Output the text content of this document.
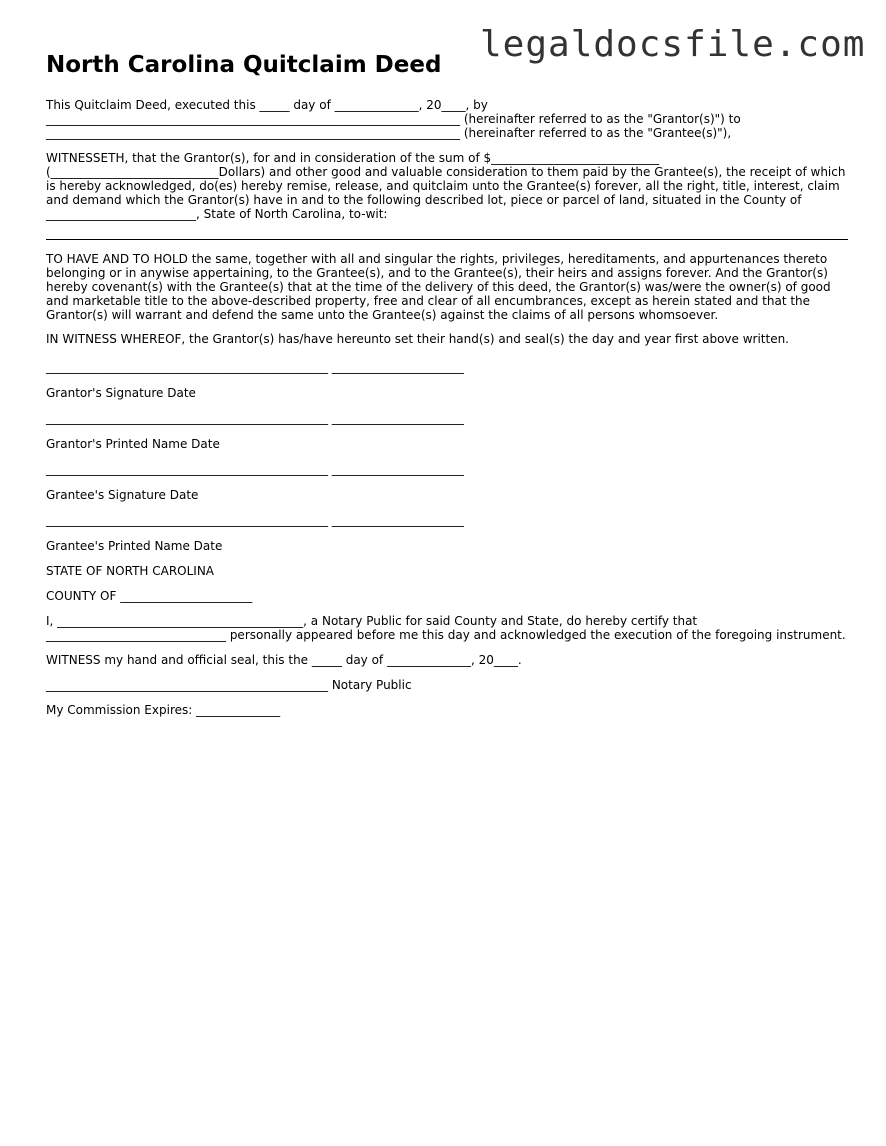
legaldocsfile.com
North Carolina Quitclaim Deed

This Quitclaim Deed, executed this _____ day of ______________, 20____, by
_____________________________________________________________________ (hereinafter referred to as the "Grantor(s)") to
_____________________________________________________________________ (hereinafter referred to as the "Grantee(s)"),

WITNESSETH, that the Grantor(s), for and in consideration of the sum of $____________________________ (____________________________Dollars) and other good and valuable consideration to them paid by the Grantee(s), the receipt of which is hereby acknowledged, do(es) hereby remise, release, and quitclaim unto the Grantee(s) forever, all the right, title, interest, claim and demand which the Grantor(s) have in and to the following described lot, piece or parcel of land, situated in the County of _________________________, State of North Carolina, to-wit:

TO HAVE AND TO HOLD the same, together with all and singular the rights, privileges, hereditaments, and appurtenances thereto belonging or in anywise appertaining, to the Grantee(s), and to the Grantee(s), their heirs and assigns forever. And the Grantor(s) hereby covenant(s) with the Grantee(s) that at the time of the delivery of this deed, the Grantor(s) was/were the owner(s) of good and marketable title to the above-described property, free and clear of all encumbrances, except as herein stated and that the Grantor(s) will warrant and defend the same unto the Grantee(s) against the claims of all persons whomsoever.

IN WITNESS WHEREOF, the Grantor(s) has/have hereunto set their hand(s) and seal(s) the day and year first above written.

_______________________________________________ ______________________

Grantor's Signature Date

_______________________________________________ ______________________

Grantor's Printed Name Date

_______________________________________________ ______________________

Grantee's Signature Date

_______________________________________________ ______________________

Grantee's Printed Name Date

STATE OF NORTH CAROLINA

COUNTY OF ______________________

I, _________________________________________, a Notary Public for said County and State, do hereby certify that ______________________________ personally appeared before me this day and acknowledged the execution of the foregoing instrument.

WITNESS my hand and official seal, this the _____ day of ______________, 20____.

_______________________________________________ Notary Public

My Commission Expires: ______________
